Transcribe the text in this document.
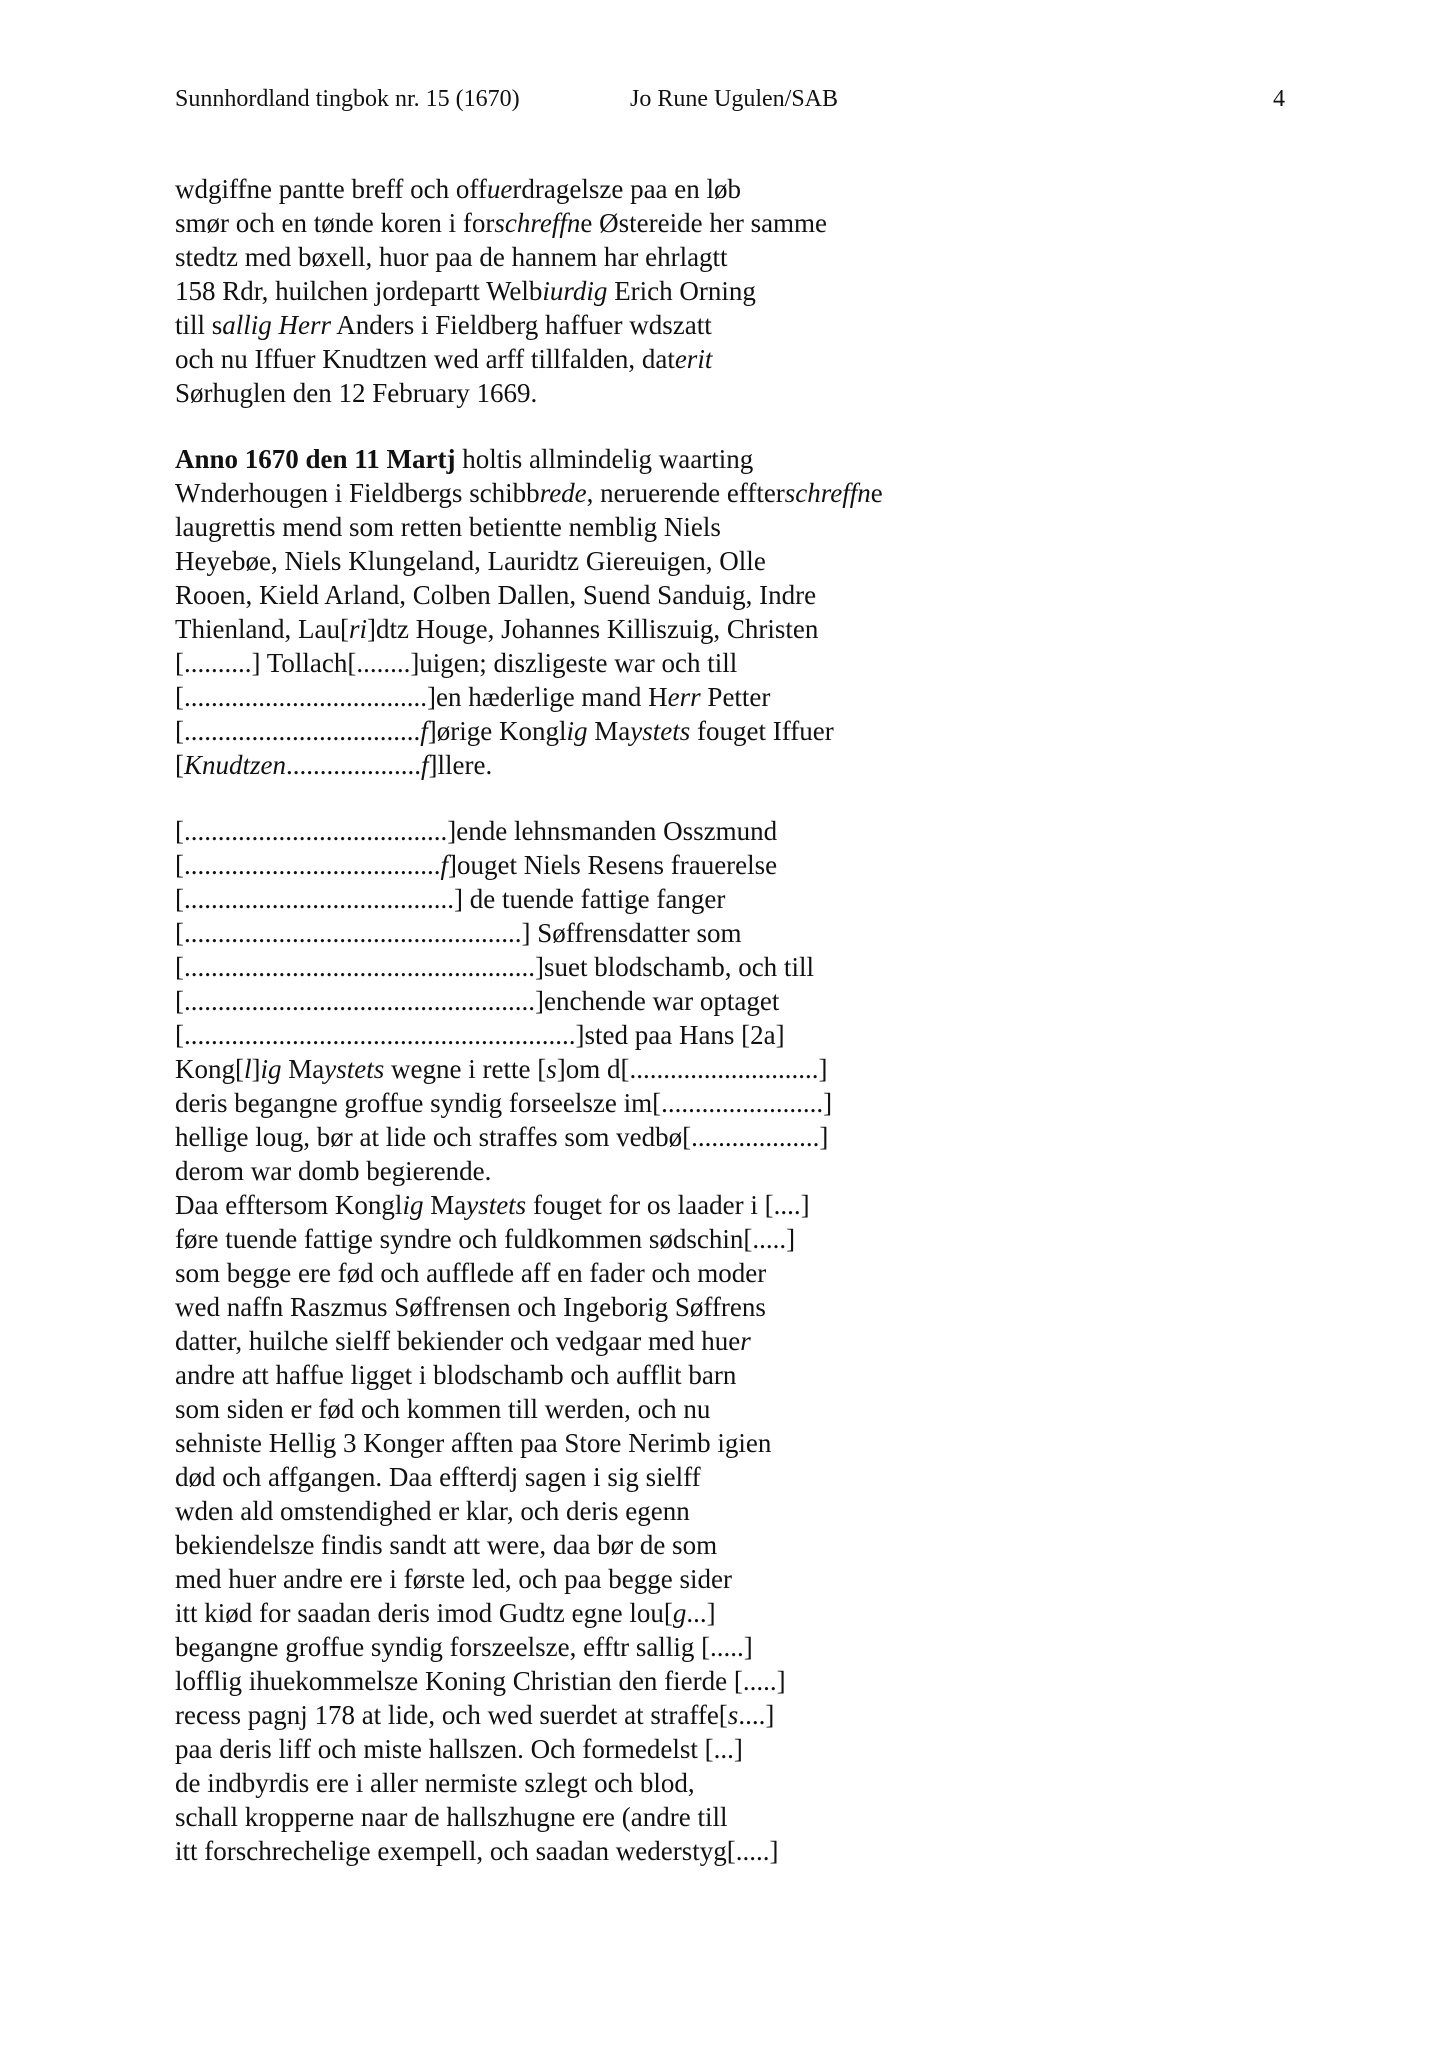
Sunnhordland tingbok nr. 15 (1670)	Jo Rune Ugulen/SAB	4
wdgiffne pantte breff och offuerdragelsze paa en løb
smør och en tønde koren i forschreffne Østereide her samme
stedtz med bøxell, huor paa de hannem har ehrlagtt
158 Rdr, huilchen jordepartt Welbiurdig Erich Orning
till sallig Herr Anders i Fieldberg haffuer wdszatt
och nu Iffuer Knudtzen wed arff tillfalden, daterit
Sørhuglen den 12 February 1669.
Anno 1670 den 11 Martj holtis allmindelig waarting
Wnderhougen i Fieldbergs schibbrede, neruerende effterschreffne
laugrettis mend som retten betientte nemblig Niels
Heyebøe, Niels Klungeland, Lauridtz Giereuigen, Olle
Rooen, Kield Arland, Colben Dallen, Suend Sanduig, Indre
Thienland, Lau[ri]dtz Houge, Johannes Killiszuig, Christen
[..........] Tollach[........]uigen; diszligeste war och till
[....................................]en hæderlige mand Herr Petter
[...................................f]ørige Konglig Maystets fouget Iffuer
[Knudtzen....................f]llere.
[.......................................]ende lehnsmanden Osszmund
[......................................f]ouget Niels Resens frauerelse
[........................................] de tuende fattige fanger
[..................................................] Søffrensdatter som
[....................................................]suet blodschamb, och till
[....................................................]enchende war optaget
[..........................................................]sted paa Hans [2a]
Kong[l]ig Maystets wegne i rette [s]om d[............................]
deris begangne groffue syndig forseelsze im[........................]
hellige loug, bør at lide och straffes som vedbø[...................]
derom war domb begierende.
Daa efftersom Konglig Maystets fouget for os laader i [....]
føre tuende fattige syndre och fuldkommen sødschin[.....]
som begge ere fød och aufflede aff en fader och moder
wed naffn Raszmus Søffrensen och Ingeborig Søffrens
datter, huilche sielff bekiender och vedgaar med huer
andre att haffue ligget i blodschamb och aufflit barn
som siden er fød och kommen till werden, och nu
sehniste Hellig 3 Konger afften paa Store Nerimb igien
død och affgangen. Daa effterdj sagen i sig sielff
wden ald omstendighed er klar, och deris egenn
bekiendelsze findis sandt att were, daa bør de som
med huer andre ere i første led, och paa begge sider
itt kiød for saadan deris imod Gudtz egne lou[g...]
begangne groffue syndig forszeelsze, efftr sallig [.....]
lofflig ihuekommelsze Koning Christian den fierde [.....]
recess pagnj 178 at lide, och wed suerdet at straffe[s....]
paa deris liff och miste hallszen. Och formedelst [...]
de indbyrdis ere i aller nermiste szlegt och blod,
schall kropperne naar de hallszhugne ere (andre till
itt forschrechelige exempell, och saadan wederstyg[.....]
